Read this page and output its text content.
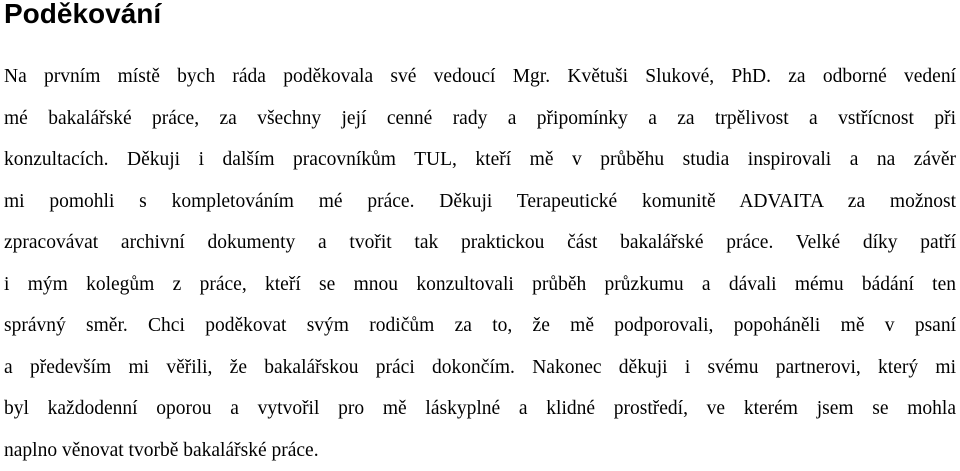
Poděkování
Na prvním místě bych ráda poděkovala své vedoucí Mgr. Květuši Slukové, PhD. za odborné vedení
mé bakalářské práce, za všechny její cenné rady a připomínky a za trpělivost a vstřícnost při
konzultacích. Děkuji i dalším pracovníkům TUL, kteří mě v průběhu studia inspirovali a na závěr
mi pomohli s kompletováním mé práce. Děkuji Terapeutické komunitě ADVAITA za možnost
zpracovávat archivní dokumenty a tvořit tak praktickou část bakalářské práce. Velké díky patří
i mým kolegům z práce, kteří se mnou konzultovali průběh průzkumu a dávali mému bádání ten
správný směr. Chci poděkovat svým rodičům za to, že mě podporovali, popoháněli mě v psaní
a především mi věřili, že bakalářskou práci dokončím. Nakonec děkuji i svému partnerovi, který mi
byl každodenní oporou a vytvořil pro mě láskyplné a klidné prostředí, ve kterém jsem se mohla
naplno věnovat tvorbě bakalářské práce.
